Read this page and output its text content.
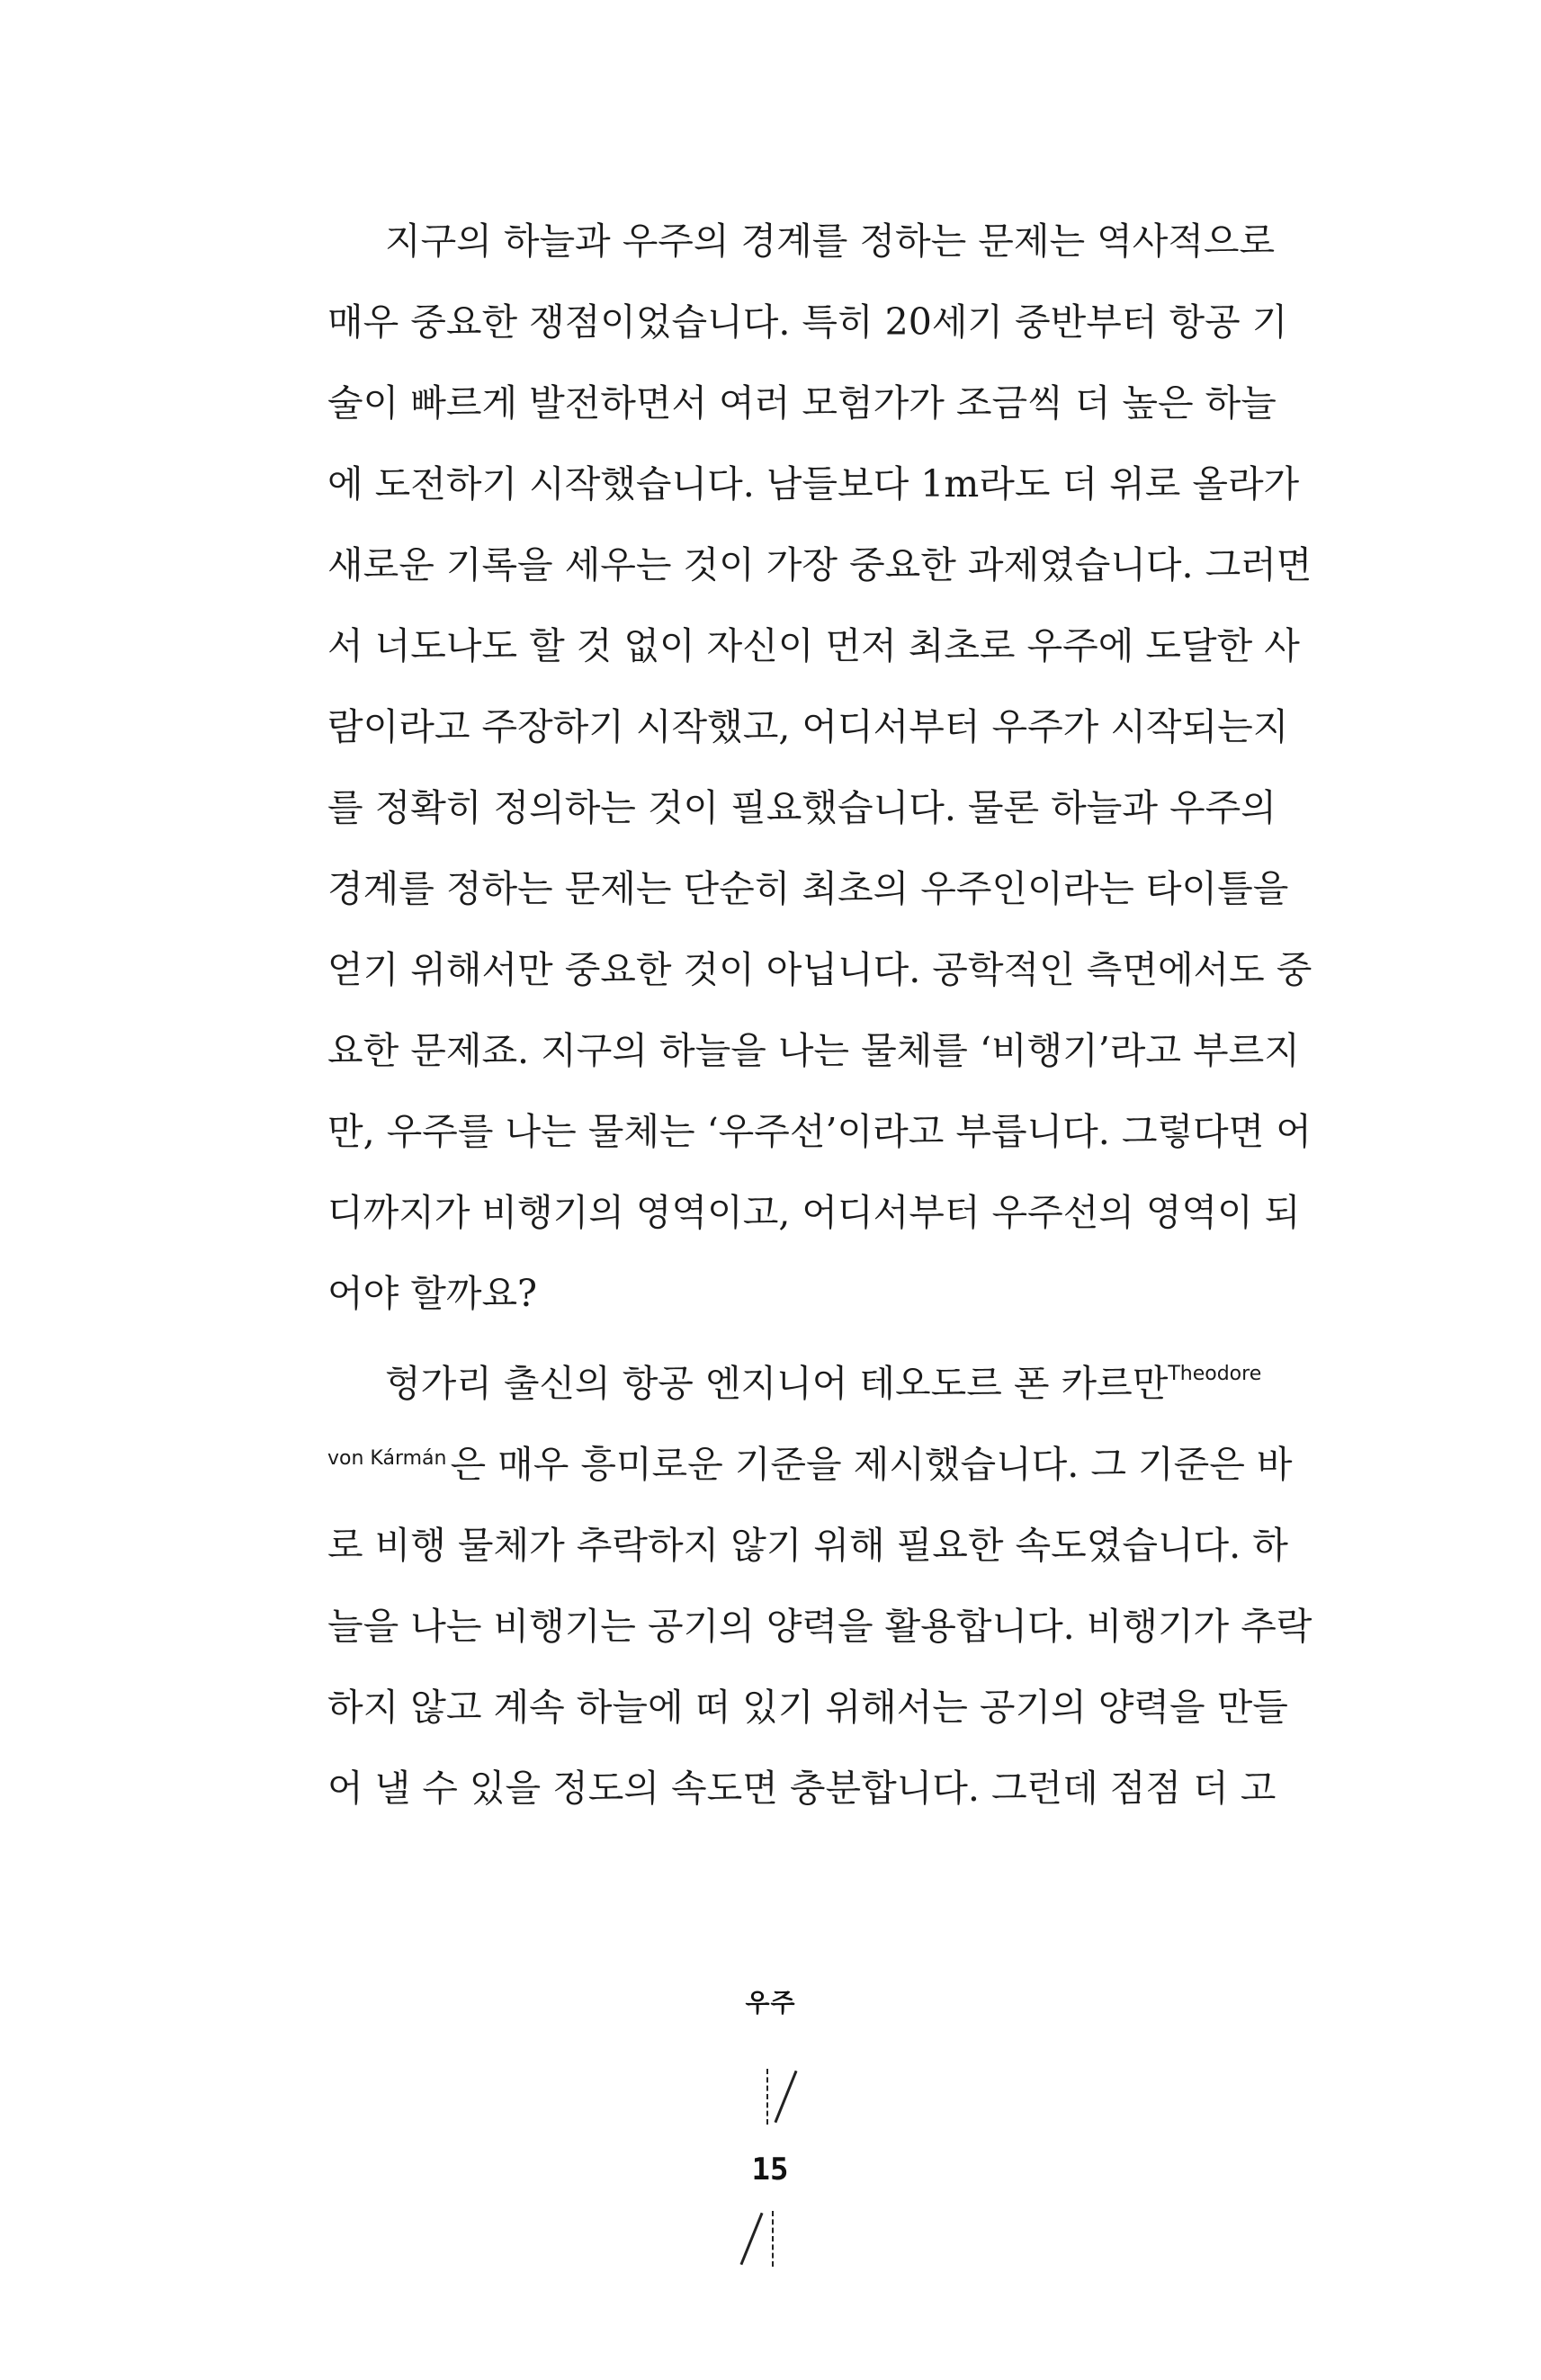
지구의 하늘과 우주의 경계를 정하는 문제는 역사적으로
매우 중요한 쟁점이었습니다. 특히 20세기 중반부터 항공 기
술이 빠르게 발전하면서 여러 모험가가 조금씩 더 높은 하늘
에 도전하기 시작했습니다. 남들보다 1m라도 더 위로 올라가
새로운 기록을 세우는 것이 가장 중요한 과제였습니다. 그러면
서 너도나도 할 것 없이 자신이 먼저 최초로 우주에 도달한 사
람이라고 주장하기 시작했고, 어디서부터 우주가 시작되는지
를 정확히 정의하는 것이 필요했습니다. 물론 하늘과 우주의
경계를 정하는 문제는 단순히 최초의 우주인이라는 타이틀을
얻기 위해서만 중요한 것이 아닙니다. 공학적인 측면에서도 중
요한 문제죠. 지구의 하늘을 나는 물체를 ‘비행기’라고 부르지
만, 우주를 나는 물체는 ‘우주선’이라고 부릅니다. 그렇다면 어
디까지가 비행기의 영역이고, 어디서부터 우주선의 영역이 되
어야 할까요?
헝가리 출신의 항공 엔지니어 테오도르 폰 카르만$^{Theodore}$
$^{von Kármán}$은 매우 흥미로운 기준을 제시했습니다. 그 기준은 바
로 비행 물체가 추락하지 않기 위해 필요한 속도였습니다. 하
늘을 나는 비행기는 공기의 양력을 활용합니다. 비행기가 추락
하지 않고 계속 하늘에 떠 있기 위해서는 공기의 양력을 만들
어 낼 수 있을 정도의 속도면 충분합니다. 그런데 점점 더 고
우주
15
